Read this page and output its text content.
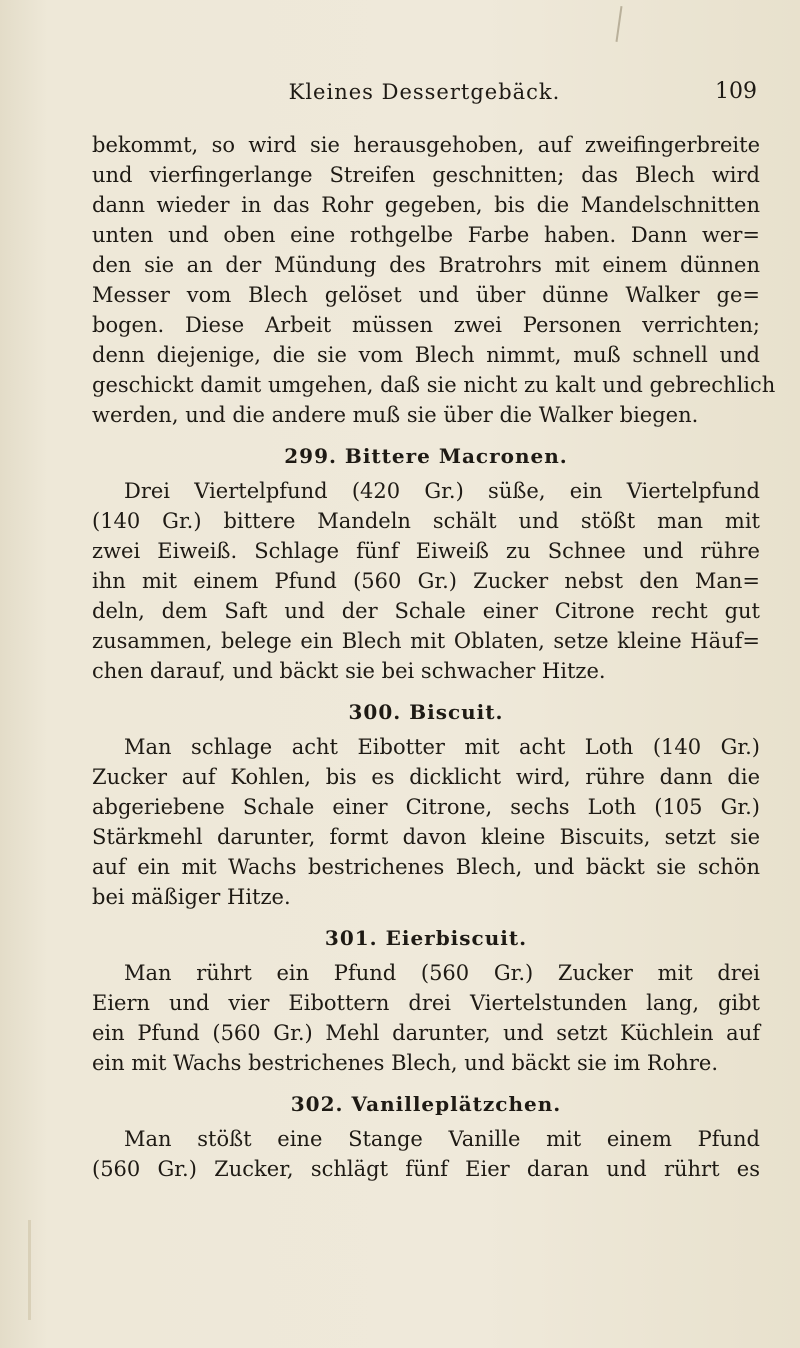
Kleines Dessertgebäck.	109
bekommt, so wird sie herausgehoben, auf zweifingerbreite
und vierfingerlange Streifen geschnitten; das Blech wird
dann wieder in das Rohr gegeben, bis die Mandelschnitten
unten und oben eine rothgelbe Farbe haben. Dann wer=
den sie an der Mündung des Bratrohrs mit einem dünnen
Messer vom Blech gelöset und über dünne Walker ge=
bogen. Diese Arbeit müssen zwei Personen verrichten;
denn diejenige, die sie vom Blech nimmt, muß schnell und
geschickt damit umgehen, daß sie nicht zu kalt und gebrechlich
werden, und die andere muß sie über die Walker biegen.
299. Bittere Macronen.
Drei Viertelpfund (420 Gr.) süße, ein Viertelpfund
(140 Gr.) bittere Mandeln schält und stößt man mit
zwei Eiweiß. Schlage fünf Eiweiß zu Schnee und rühre
ihn mit einem Pfund (560 Gr.) Zucker nebst den Man=
deln, dem Saft und der Schale einer Citrone recht gut
zusammen, belege ein Blech mit Oblaten, setze kleine Häuf=
chen darauf, und bäckt sie bei schwacher Hitze.
300. Biscuit.
Man schlage acht Eibotter mit acht Loth (140 Gr.)
Zucker auf Kohlen, bis es dicklicht wird, rühre dann die
abgeriebene Schale einer Citrone, sechs Loth (105 Gr.)
Stärkmehl darunter, formt davon kleine Biscuits, setzt sie
auf ein mit Wachs bestrichenes Blech, und bäckt sie schön
bei mäßiger Hitze.
301. Eierbiscuit.
Man rührt ein Pfund (560 Gr.) Zucker mit drei
Eiern und vier Eibottern drei Viertelstunden lang, gibt
ein Pfund (560 Gr.) Mehl darunter, und setzt Küchlein auf
ein mit Wachs bestrichenes Blech, und bäckt sie im Rohre.
302. Vanilleplätzchen.
Man stößt eine Stange Vanille mit einem Pfund
(560 Gr.) Zucker, schlägt fünf Eier daran und rührt es
